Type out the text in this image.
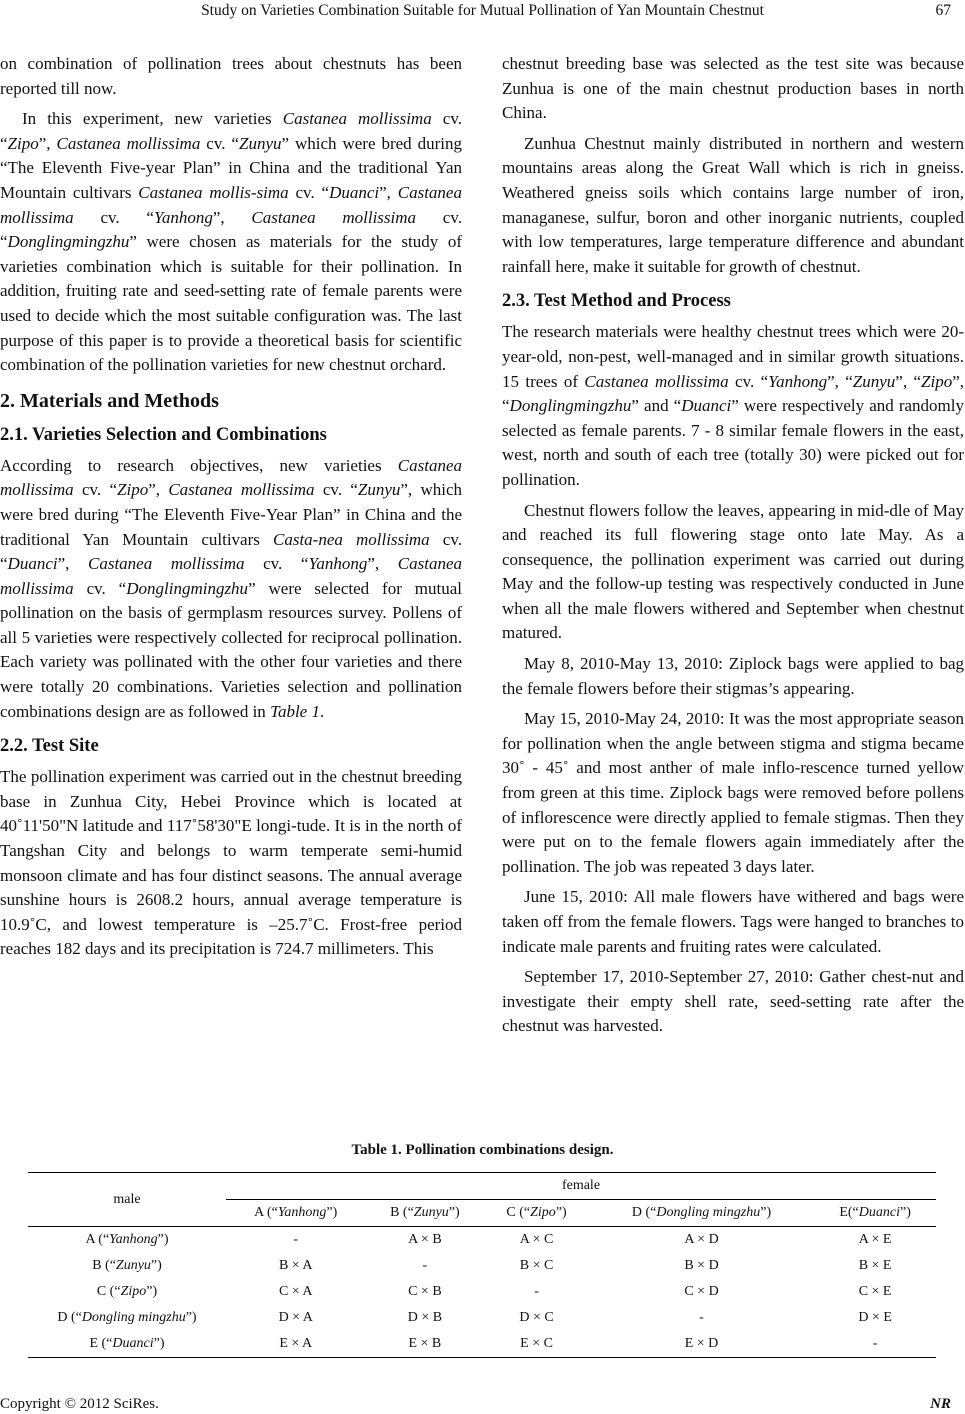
Study on Varieties Combination Suitable for Mutual Pollination of Yan Mountain Chestnut	67

on combination of pollination trees about chestnuts has been reported till now.

In this experiment, new varieties Castanea mollissima cv. “Zipo”, Castanea mollissima cv. “Zunyu” which were bred during “The Eleventh Five-year Plan” in China and the traditional Yan Mountain cultivars Castanea mollis-sima cv. “Duanci”, Castanea mollissima cv. “Yanhong”, Castanea mollissima cv. “Donglingmingzhu” were chosen as materials for the study of varieties combination which is suitable for their pollination. In addition, fruiting rate and seed-setting rate of female parents were used to decide which the most suitable configuration was. The last purpose of this paper is to provide a theoretical basis for scientific combination of the pollination varieties for new chestnut orchard.

2. Materials and Methods
2.1. Varieties Selection and Combinations

According to research objectives, new varieties Castanea mollissima cv. “Zipo”, Castanea mollissima cv. “Zunyu”, which were bred during “The Eleventh Five-Year Plan” in China and the traditional Yan Mountain cultivars Casta-nea mollissima cv. “Duanci”, Castanea mollissima cv. “Yanhong”, Castanea mollissima cv. “Donglingmingzhu” were selected for mutual pollination on the basis of germplasm resources survey. Pollens of all 5 varieties were respectively collected for reciprocal pollination. Each variety was pollinated with the other four varieties and there were totally 20 combinations. Varieties selection and pollination combinations design are as followed in Table 1.

2.2. Test Site

The pollination experiment was carried out in the chestnut breeding base in Zunhua City, Hebei Province which is located at 40˚11'50"N latitude and 117˚58'30"E longi-tude. It is in the north of Tangshan City and belongs to warm temperate semi-humid monsoon climate and has four distinct seasons. The annual average sunshine hours is 2608.2 hours, annual average temperature is 10.9˚C, and lowest temperature is –25.7˚C. Frost-free period reaches 182 days and its precipitation is 724.7 millimeters. This

chestnut breeding base was selected as the test site was because Zunhua is one of the main chestnut production bases in north China.

Zunhua Chestnut mainly distributed in northern and western mountains areas along the Great Wall which is rich in gneiss. Weathered gneiss soils which contains large number of iron, managanese, sulfur, boron and other inorganic nutrients, coupled with low temperatures, large temperature difference and abundant rainfall here, make it suitable for growth of chestnut.

2.3. Test Method and Process

The research materials were healthy chestnut trees which were 20-year-old, non-pest, well-managed and in similar growth situations. 15 trees of Castanea mollissima cv. “Yanhong”, “Zunyu”, “Zipo”, “Donglingmingzhu” and “Duanci” were respectively and randomly selected as female parents. 7 - 8 similar female flowers in the east, west, north and south of each tree (totally 30) were picked out for pollination.

Chestnut flowers follow the leaves, appearing in mid-dle of May and reached its full flowering stage onto late May. As a consequence, the pollination experiment was carried out during May and the follow-up testing was respectively conducted in June when all the male flowers withered and September when chestnut matured.

May 8, 2010-May 13, 2010: Ziplock bags were applied to bag the female flowers before their stigmas’s appearing.

May 15, 2010-May 24, 2010: It was the most appropriate season for pollination when the angle between stigma and stigma became 30˚ - 45˚ and most anther of male inflo-rescence turned yellow from green at this time. Ziplock bags were removed before pollens of inflorescence were directly applied to female stigmas. Then they were put on to the female flowers again immediately after the pollination. The job was repeated 3 days later.

June 15, 2010: All male flowers have withered and bags were taken off from the female flowers. Tags were hanged to branches to indicate male parents and fruiting rates were calculated.

September 17, 2010-September 27, 2010: Gather chest-nut and investigate their empty shell rate, seed-setting rate after the chestnut was harvested.

Table 1. Pollination combinations design.
male	female				
	A (“Yanhong”)	B (“Zunyu”)	C (“Zipo”)	D (“Dongling mingzhu”)	E(“Duanci”)
A (“Yanhong”)	-	A × B	A × C	A × D	A × E
B (“Zunyu”)	B × A	-	B × C	B × D	B × E
C (“Zipo”)	C × A	C × B	-	C × D	C × E
D (“Dongling mingzhu”)	D × A	D × B	D × C	-	D × E
E (“Duanci”)	E × A	E × B	E × C	E × D	-
Copyright © 2012 SciRes.	NR
